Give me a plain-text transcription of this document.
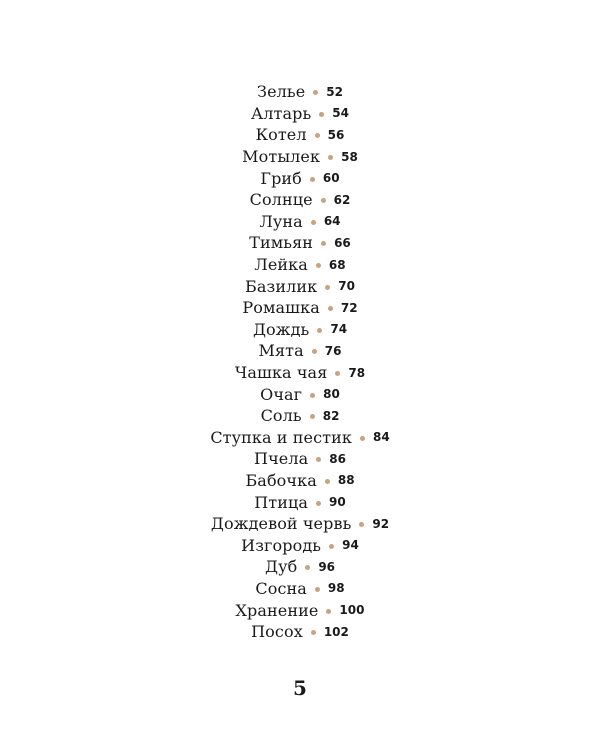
Зелье 52
Алтарь 54
Котел 56
Мотылек 58
Гриб 60
Солнце 62
Луна 64
Тимьян 66
Лейка 68
Базилик 70
Ромашка 72
Дождь 74
Мята 76
Чашка чая 78
Очаг 80
Соль 82
Ступка и пестик 84
Пчела 86
Бабочка 88
Птица 90
Дождевой червь 92
Изгородь 94
Дуб 96
Сосна 98
Хранение 100
Посох 102
5
